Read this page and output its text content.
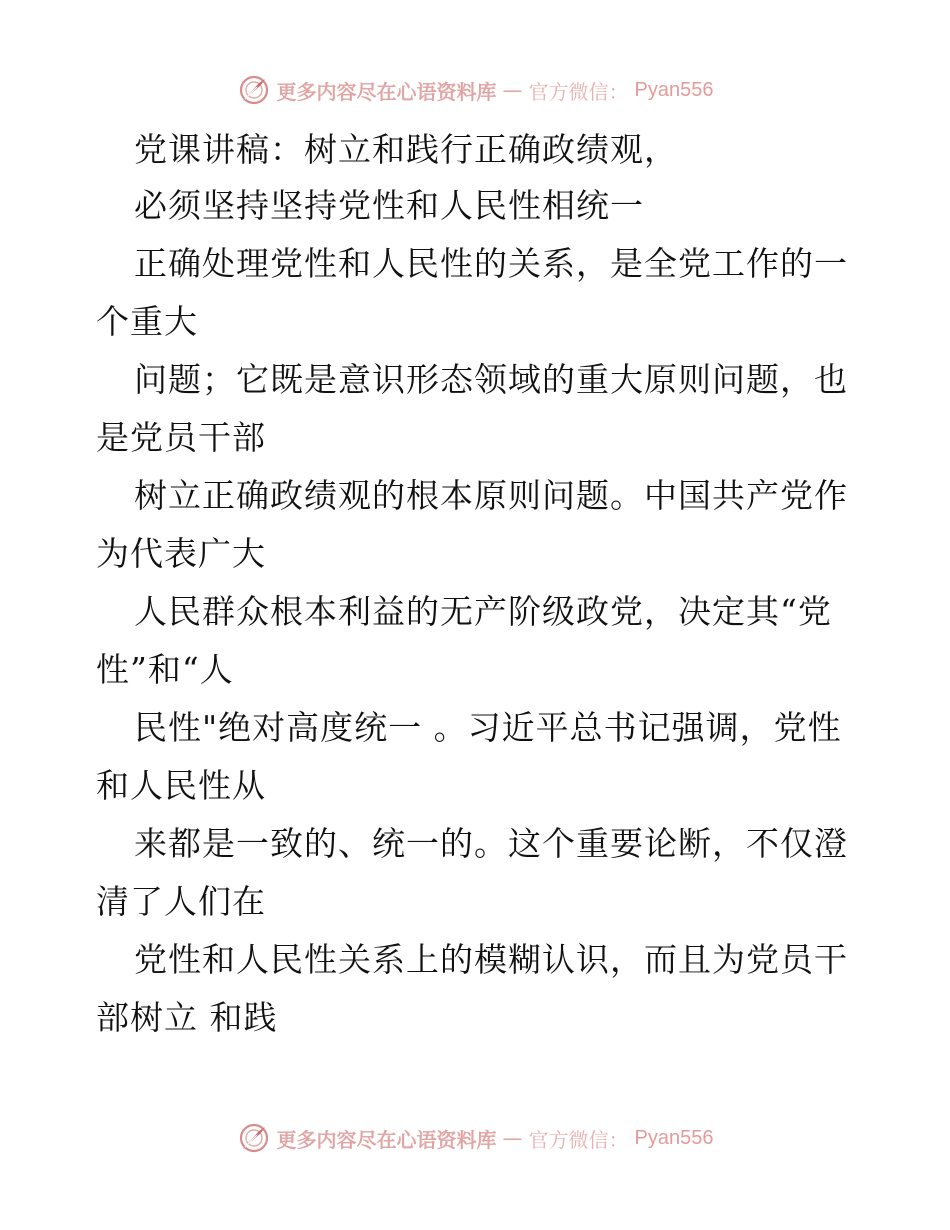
更多内容尽在心语资料库 — 官方微信： Pyan556
党课讲稿：树立和践行正确政绩观，
必须坚持坚持党性和人民性相统一
正确处理党性和人民性的关系，是全党工作的一
个重大
问题；它既是意识形态领域的重大原则问题，也
是党员干部
树立正确政绩观的根本原则问题。中国共产党作
为代表广大
人民群众根本利益的无产阶级政党，决定其“党
性”和“人
民性"绝对高度统一 。习近平总书记强调，党性
和人民性从
来都是一致的、统一的。这个重要论断，不仅澄
清了人们在
党性和人民性关系上的模糊认识，而且为党员干
部树立 和践
更多内容尽在心语资料库 — 官方微信： Pyan556
